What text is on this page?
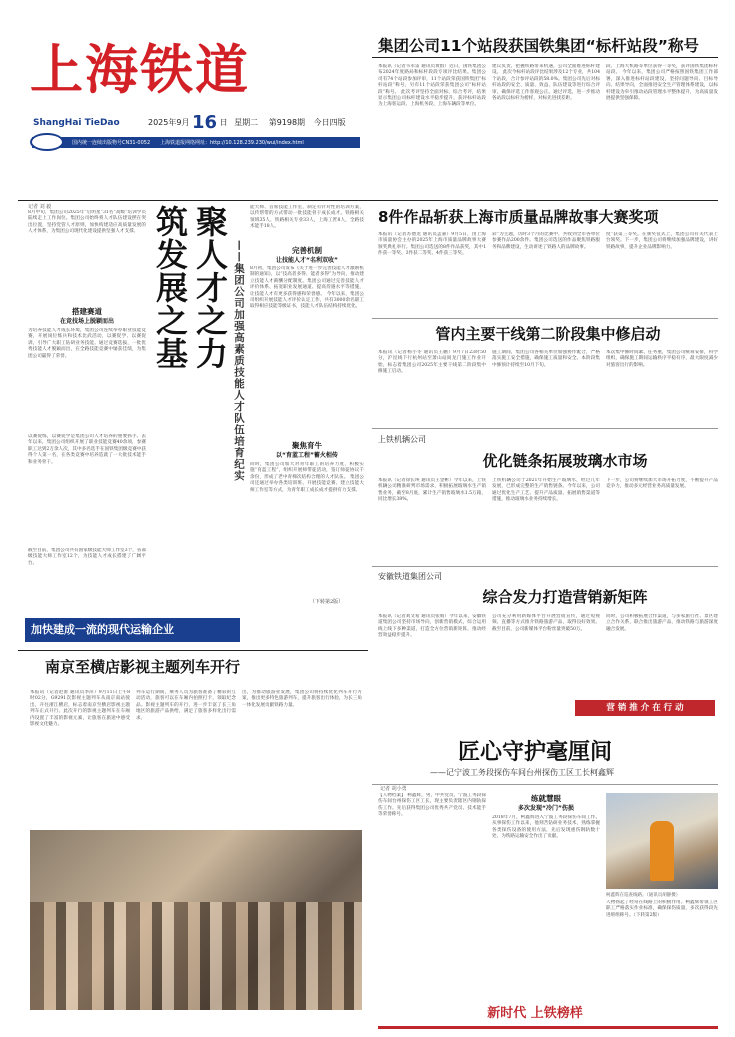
上海铁道
ShangHai TieDao	2025年9月 16 日 星期二 第9198期 今日四版
国内统一连续出版物号CN31-0052 上海铁道报网络网址：http://10.128.239.230/wui/index.html
集团公司11个站段获国铁集团“标杆站段”称号
本报讯（记者韦永雷 通讯员黄群）近日，国铁集团公布2024年度路局和标杆段段专项评比结果。集团公司有74个站段参加评审，11个站段荣获国铁集团“标杆站段”称号，另有11个站段荣获集团公司“标杆站段”称号。 此次考评坚持全面对标、综合考评，结果显示集团公司标杆建设水平稳步提升。获评标杆站段为上海客运段、上海机务段、上海车辆段等单位。
建议负责，把握铁路带来机遇，公司全面推进标杆建设。 此次今标杆站段评比结果涉及12个专业，共104个站段，合计参评站段的58.0%。集团公司先后对标杆站段的安全、质量、效益、队伍建设等进行综合评审，确保评选工作客观公正。通过评选，进一步推动各站段以标杆为榜样，对标先进找差距。
段、上海大机路等单位获得一等奖，获评国铁集团标杆站段。 今年以来，集团公司严格按照国铁集团工作部署，深入推进标杆站段建设，坚持问题导向、目标导向、结果导向，全面推进安全生产管理体系建设，以标杆建设为牵引推动站段管理水平整体提升，为高质量发展提供坚强保障。
记者 刘 毅
8月中旬，集团公司2025年“启明星”31名“高级”培训学员陆续走上工作岗位。集团公司始终将人才队伍建设摆在突出位置，坚持党管人才原则，加快构建适应高质量发展的人才体系，为集团公司现代化建设提供坚强人才支撑。
搭建赛道
在竞技场上脱颖而出
为培养技能人才成长环境，集团公司连续举办职业技能竞赛，开展岗位练兵和技术比武活动，以赛促学、以赛促训，引导广大职工钻研业务技能。通过竞赛选拔，一批优秀技能人才脱颖而出，在全路技能竞赛中屡获佳绩，为集团公司赢得了荣誉。
以赛促练，以赛促学是集团公司人才培养的重要抓手。去年以来，集团公司组织开展了职业技能竞赛40余项，参赛职工达到2万余人次，其中多名选手在国铁集团级竞赛中获得个人第一名，在各类竞赛中培养造就了一大批技术能手和业务骨干。
截至目前，集团公司共有国家级技能大师工作室3个，省部级技能大师工作室12个，为技能人才成长搭建了广阔平台。
聚人才之力
筑发展之基	——集团公司加强高素质技能人才队伍培育纪实
能大师、首席技能工作室，制定有针对性的培训方案，以传帮带的方式带动一批技能骨干成长成才。铁路相关领域35人，铁路相关专业33人，上海工匠8人，全路技术能手18人。
完善机制
让技能人才“名利双收”
8月初，集团公司发布《关于进一步完善技能人才激励机制的通知》，以“技高者多得、能者多得”为导向，推动建立技能人才薪酬分配制度。集团公司通过完善技能人才评价体系、拓宽职业发展通道、提高待遇水平等措施，让技能人才有更多获得感和荣誉感。 今年以来，集团公司组织开展技能人才评价认定工作，共有3000余名职工取得相应技能等级证书，技能人才队伍结构持续优化。
聚焦育牛
以“育蓝工程”蓄火相传
同时，集团公司加大对青年职工的培养力度，积极实施“育蓝工程”，组织开展师带徒活动，签订师徒协议千余份，形成了老中青梯次结构合理的人才队伍。 集团公司还通过举办各类培训班、开展技能竞赛、建立技能大师工作室等方式，为青年职工成长成才提供有力支撑。
（下转第2版）
加快建成一流的现代运输企业
南京至横店影视主题列车开行
本报讯（记者赵蕾 通讯员李萍）9月11日上午8时02分，G9291次影视主题列车从南京南站驶出，开往浙江横店，标志着南京至横店影视主题列车正式开行。此次开行的影视主题列车在车厢内设置了丰富的影视元素，让旅客在旅途中感受影视文化魅力。
列车运行期间，乘务人员为旅客准备了精彩的互动活动，旅客可以在车厢内拍照打卡，领取纪念品。影视主题列车的开行，进一步丰富了长三角地区的旅游产品供给，满足了旅客多样化出行需求。
出，为推动旅游业发展，集团公司将持续优化列车开行方案，推出更多特色旅游列车，提升旅客出行体验，为长三角一体化发展贡献铁路力量。
8件作品斩获上海市质量品牌故事大赛奖项
本报讯（记者苏德龙 通讯员孟嘉）9月5日，由上海市质量协会主办的2025年上海市质量品牌故事大赛颁奖典礼举行。集团公司选送的8件作品获奖，其中1件获一等奖、3件获二等奖、4件获三等奖。
彩”为主题，历时3个月的比赛中，共收到全市各单位参赛作品200余件。集团公司选送的作品聚焦铁路服务和品牌建设，生动讲述了铁路人的品牌故事。
度”获第三等奖。在颁奖仪式上，集团公司有关代表上台领奖。下一步，集团公司将继续加强品牌建设，讲好铁路故事，提升企业品牌影响力。
管内主要干线第二阶段集中修启动
本报讯（记者杨小冬 通讯员王鹏）9月7日23时50分，沪昆线下行杭州站至萧山站间龙门施工作业开始，标志着集团公司2025年主要干线第二阶段集中修施工启动。
施工期间，集团公司各相关单位加强协作配合，严格落实施工安全措施，确保施工质量和安全。本阶段集中修预计持续至10月下旬。
本次集中修时间紧、任务重，集团公司统筹安排，科学组织，确保施工期间运输秩序平稳有序，最大限度减少对旅客出行的影响。
上铁机辆公司
优化链条拓展玻璃水市场
本报讯（记者徐长瑛 通讯员王金彬）今年以来，上铁机辆公司精准研判市场需求，积极拓展玻璃水生产销售业务，截至8月底，累计生产销售玻璃水1.5万箱，同比增长38%。
上铁机辆公司于2021年开始生产玻璃水，经过几年发展，已形成完整的生产销售链条。今年以来，公司通过优化生产工艺、提升产品质量、拓展销售渠道等措施，推动玻璃水业务持续增长。
下一步，公司将继续加大市场开拓力度，不断提升产品竞争力，推动多元经营业务高质量发展。
安徽铁道集团公司
综合发力打造营销新矩阵
本报讯（记者刘文希 通讯员张娟）今年以来，安徽铁道集团公司坚持市场导向，创新营销模式，综合运用线上线下多种渠道，打造全方位营销新矩阵，推动经营效益稳步提升。
公司充分利用新媒体平台开展营销宣传，通过短视频、直播等方式推介铁路旅游产品，取得良好效果。截至目前，公司新媒体平台粉丝量突破50万。
同时，公司积极拓展合作渠道，与多家旅行社、景区建立合作关系，联合推出旅游产品，推动铁路与旅游深度融合发展。
营 销 推 介 在 行 动
匠心守护毫厘间
——记宁波工务段探伤车间台州探伤工区工长柯鑫辉
记者 胡小勇
【人物档案】 柯鑫辉，男，中共党员，宁波工务段探伤车间台州探伤工区工长，现主要负责辖区内钢轨探伤工作。先后获得集团公司优秀共产党员、技术能手等荣誉称号。
练就慧眼
多次发现“冷门”伤损
2018年7月，柯鑫辉进入宁波工务段探伤车间工作。从事探伤工作以来，他刻苦钻研业务技术，熟练掌握各类探伤设备的使用方法，先后发现重伤钢轨数十处，为铁路运输安全作出了贡献。
柯鑫辉在巡查线路。（通讯员胡静摄）
人物扬起了经常在线路上的积极作用。柯鑫辉带领工区职工严格落实作业标准，确保探伤质量，多次获得段先进班组称号。（下转第2版）
新时代 上铁榜样
